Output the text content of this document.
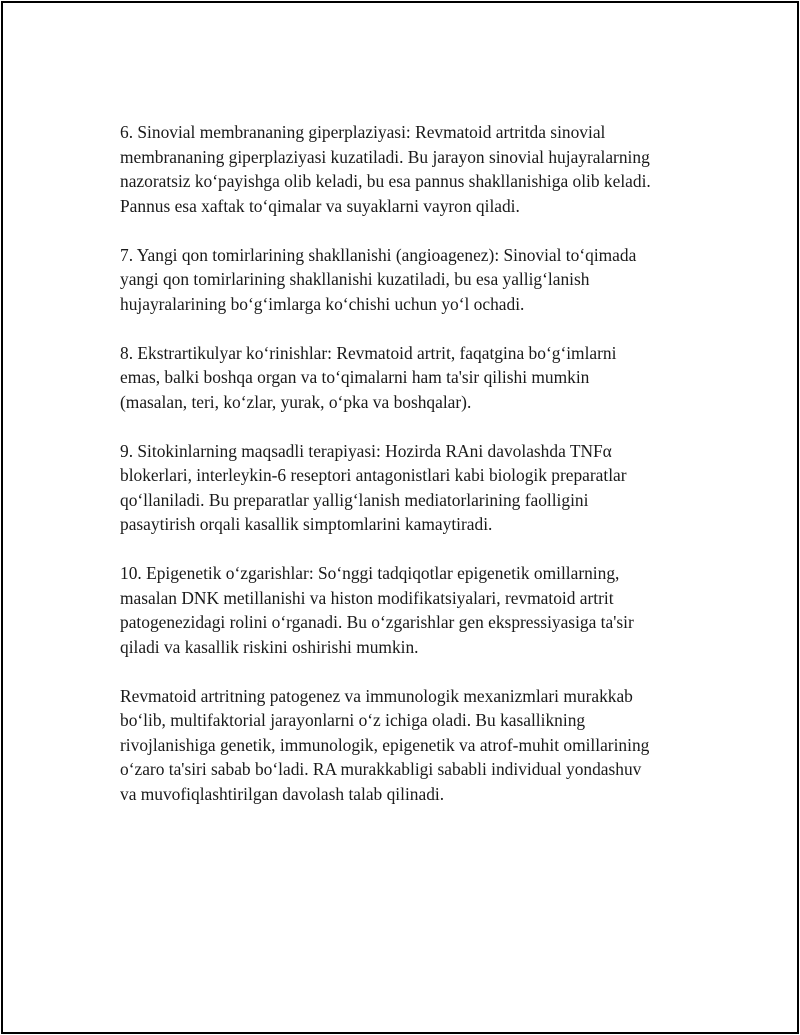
6. Sinovial membrananing giperplaziyasi: Revmatoid artritda sinovial
membrananing giperplaziyasi kuzatiladi. Bu jarayon sinovial hujayralarning
nazoratsiz koʻpayishga olib keladi, bu esa pannus shakllanishiga olib keladi.
Pannus esa xaftak toʻqimalar va suyaklarni vayron qiladi.

7. Yangi qon tomirlarining shakllanishi (angioagenez): Sinovial toʻqimada
yangi qon tomirlarining shakllanishi kuzatiladi, bu esa yalligʻlanish
hujayralarining boʻgʻimlarga koʻchishi uchun yoʻl ochadi.

8. Ekstrartikulyar koʻrinishlar: Revmatoid artrit, faqatgina boʻgʻimlarni
emas, balki boshqa organ va toʻqimalarni ham ta'sir qilishi mumkin
(masalan, teri, koʻzlar, yurak, oʻpka va boshqalar).

9. Sitokinlarning maqsadli terapiyasi: Hozirda RAni davolashda TNFα
blokerlari, interleykin-6 reseptori antagonistlari kabi biologik preparatlar
qoʻllaniladi. Bu preparatlar yalligʻlanish mediatorlarining faolligini
pasaytirish orqali kasallik simptomlarini kamaytiradi.

10. Epigenetik oʻzgarishlar: Soʻnggi tadqiqotlar epigenetik omillarning,
masalan DNK metillanishi va histon modifikatsiyalari, revmatoid artrit
patogenezidagi rolini oʻrganadi. Bu oʻzgarishlar gen ekspressiyasiga ta'sir
qiladi va kasallik riskini oshirishi mumkin.

Revmatoid artritning patogenez va immunologik mexanizmlari murakkab
boʻlib, multifaktorial jarayonlarni oʻz ichiga oladi. Bu kasallikning
rivojlanishiga genetik, immunologik, epigenetik va atrof-muhit omillarining
oʻzaro ta'siri sabab boʻladi. RA murakkabligi sababli individual yondashuv
va muvofiqlashtirilgan davolash talab qilinadi.
